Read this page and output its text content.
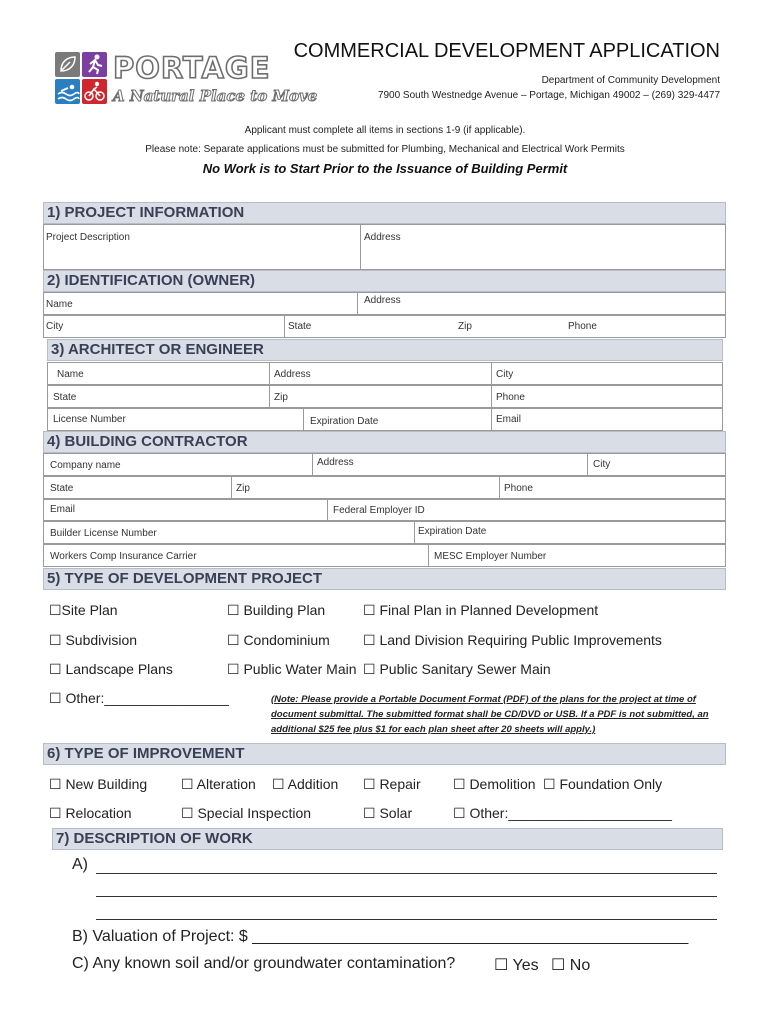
PORTAGE
A Natural Place to Move
COMMERCIAL DEVELOPMENT APPLICATION
Department of Community Development
7900 South Westnedge Avenue – Portage, Michigan 49002 – (269) 329-4477
Applicant must complete all items in sections 1-9 (if applicable).
Please note: Separate applications must be submitted for Plumbing, Mechanical and Electrical Work Permits
No Work is to Start Prior to the Issuance of Building Permit
1) PROJECT INFORMATION
Project Description	Address
2) IDENTIFICATION (OWNER)
Name	Address
City	State	Zip	Phone
3) ARCHITECT OR ENGINEER
Name	Address	City
State	Zip	Phone
License Number	Expiration Date	Email
4) BUILDING CONTRACTOR
Company name	Address	City
State	Zip	Phone
Email	Federal Employer ID
Builder License Number	Expiration Date
Workers Comp Insurance Carrier	MESC Employer Number
5) TYPE OF DEVELOPMENT PROJECT
☐Site Plan	☐ Building Plan	☐ Final Plan in Planned Development
☐ Subdivision	☐ Condominium ☐ Land Division Requiring Public Improvements
☐ Landscape Plans	☐ Public Water Main ☐ Public Sanitary Sewer Main
☐ Other:________________	(Note: Please provide a Portable Document Format (PDF) of the plans for the project at time of document submittal. The submitted format shall be CD/DVD or USB. If a PDF is not submitted, an additional $25 fee plus $1 for each plan sheet after 20 sheets will apply.)
6) TYPE OF IMPROVEMENT
☐ New Building ☐ Alteration ☐ Addition ☐ Repair ☐ Demolition ☐ Foundation Only
☐ Relocation	☐ Special Inspection	☐ Solar	☐ Other:_____________________
7) DESCRIPTION OF WORK
A)
B) Valuation of Project: $ _________________________________________________
C) Any known soil and/or groundwater contamination? ☐ Yes ☐ No
